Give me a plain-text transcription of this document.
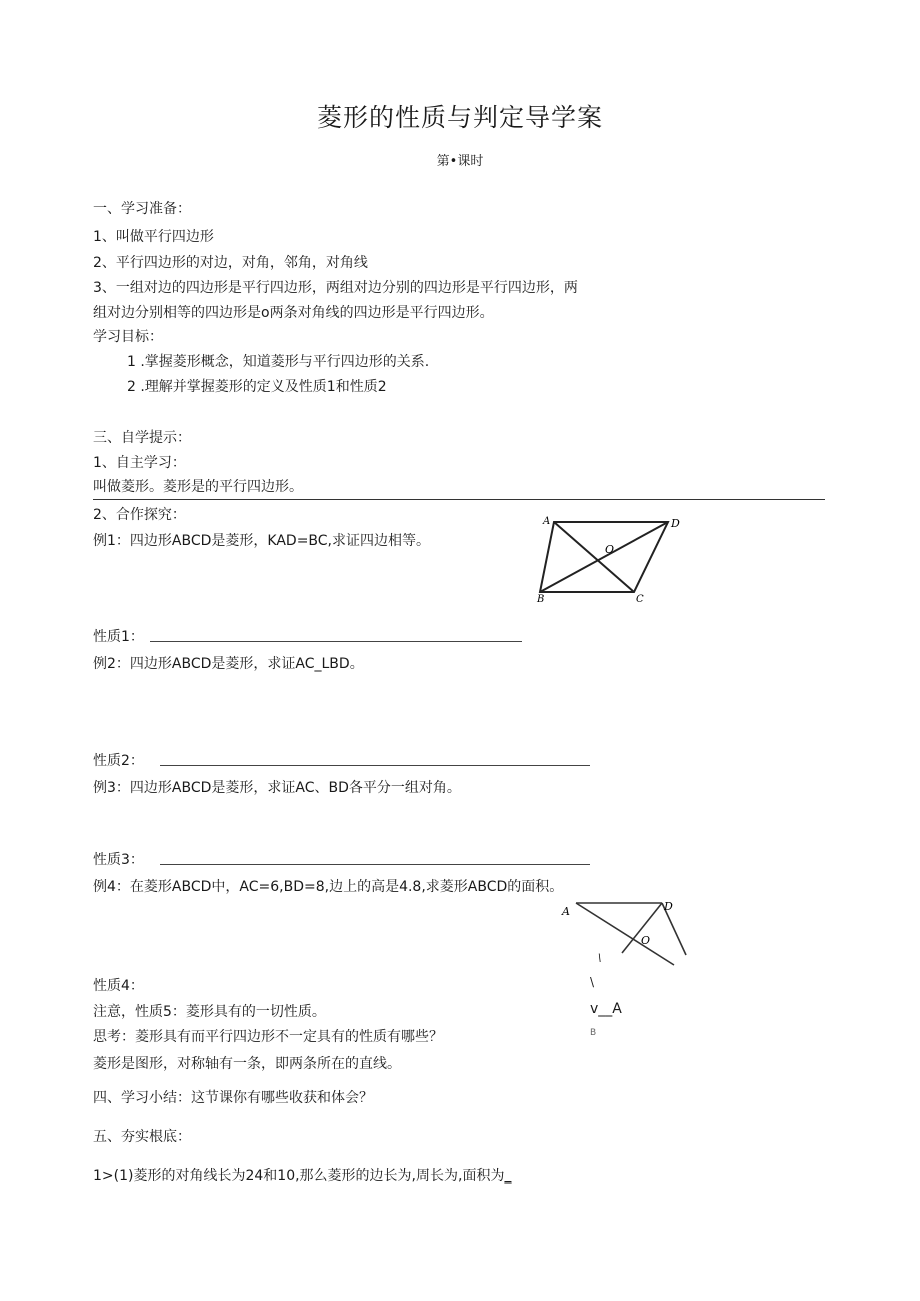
菱形的性质与判定导学案
第•课时
一、学习准备：
1、叫做平行四边形
2、平行四边形的对边，对角，邻角，对角线
3、一组对边的四边形是平行四边形，两组对边分别的四边形是平行四边形，两
组对边分别相等的四边形是o两条对角线的四边形是平行四边形。
学习目标：
1 .掌握菱形概念，知道菱形与平行四边形的关系.
2 .理解并掌握菱形的定义及性质1和性质2
三、自学提示：
1、自主学习：
叫做菱形。菱形是的平行四边形。
2、合作探究：
例1：四边形ABCD是菱形，KAD=BC,求证四边相等。
A	D
O
B	C
性质1：
例2：四边形ABCD是菱形，求证AC_LBD。
性质2：
例3：四边形ABCD是菱形，求证AC、BD各平分一组对角。
性质3：
例4：在菱形ABCD中，AC=6,BD=8,边上的高是4.8,求菱形ABCD的面积。
A	D
O
\
性质4：	\
注意，性质5：菱形具有的一切性质。	v__A
思考：菱形具有而平行四边形不一定具有的性质有哪些？	B
菱形是图形，对称轴有一条，即两条所在的直线。
四、学习小结：这节课你有哪些收获和体会？
五、夯实根底：
1>(1)菱形的对角线长为24和10,那么菱形的边长为,周长为,面积为_
